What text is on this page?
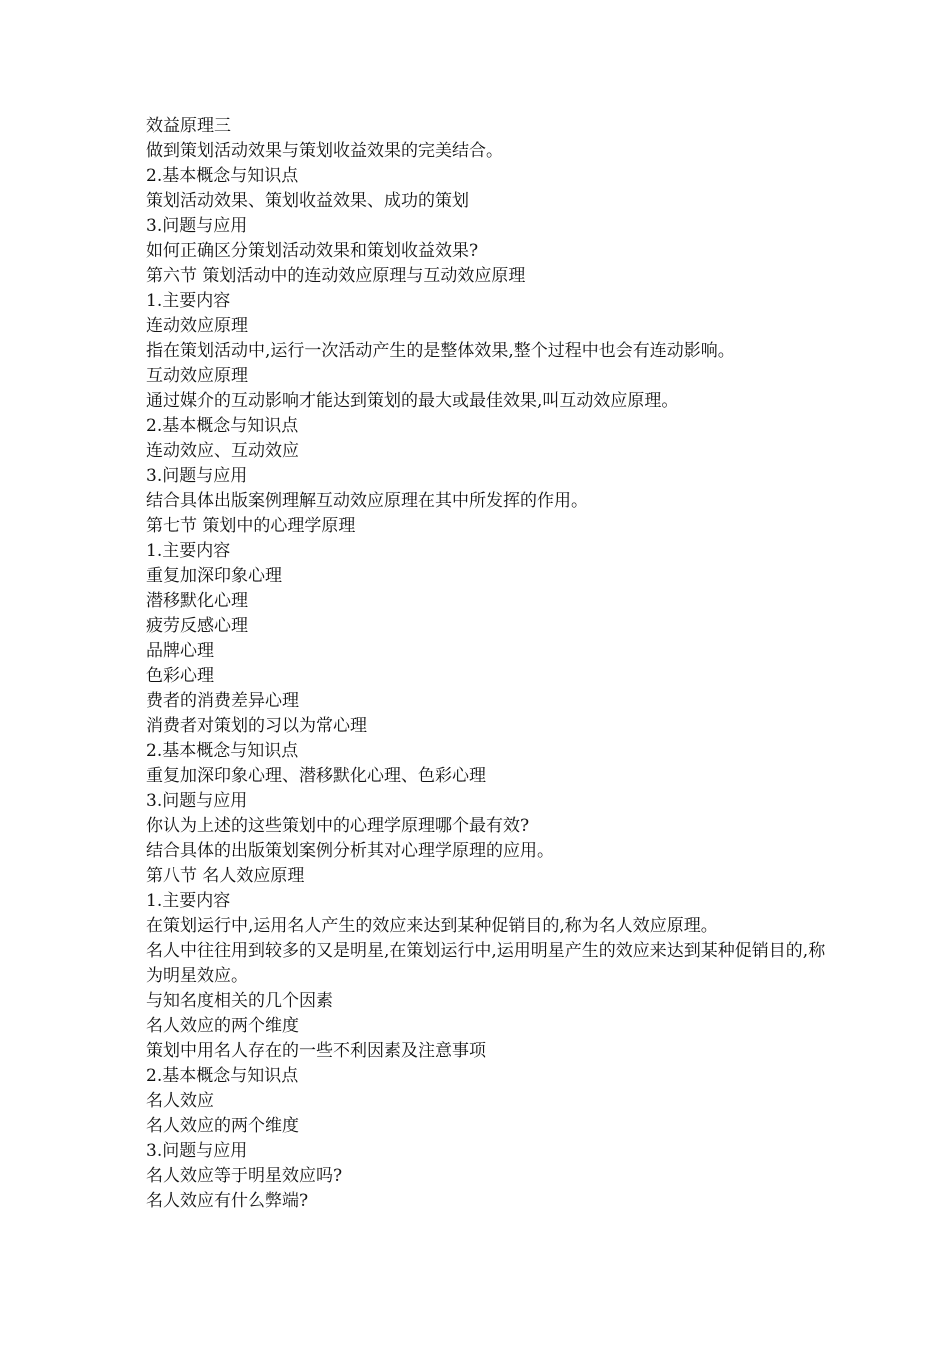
效益原理三

做到策划活动效果与策划收益效果的完美结合。

2.基本概念与知识点

策划活动效果、策划收益效果、成功的策划

3.问题与应用

如何正确区分策划活动效果和策划收益效果?

第六节 策划活动中的连动效应原理与互动效应原理

1.主要内容

连动效应原理

指在策划活动中,运行一次活动产生的是整体效果,整个过程中也会有连动影响。

互动效应原理

通过媒介的互动影响才能达到策划的最大或最佳效果,叫互动效应原理。

2.基本概念与知识点

连动效应、互动效应

3.问题与应用

结合具体出版案例理解互动效应原理在其中所发挥的作用。

第七节 策划中的心理学原理

1.主要内容

重复加深印象心理

潜移默化心理

疲劳反感心理

品牌心理

色彩心理

费者的消费差异心理

消费者对策划的习以为常心理

2.基本概念与知识点

重复加深印象心理、潜移默化心理、色彩心理

3.问题与应用

你认为上述的这些策划中的心理学原理哪个最有效?

结合具体的出版策划案例分析其对心理学原理的应用。

第八节 名人效应原理

1.主要内容

在策划运行中,运用名人产生的效应来达到某种促销目的,称为名人效应原理。

名人中往往用到较多的又是明星,在策划运行中,运用明星产生的效应来达到某种促销目的,称为明星效应。

与知名度相关的几个因素

名人效应的两个维度

策划中用名人存在的一些不利因素及注意事项

2.基本概念与知识点

名人效应

名人效应的两个维度

3.问题与应用

名人效应等于明星效应吗?

名人效应有什么弊端?
